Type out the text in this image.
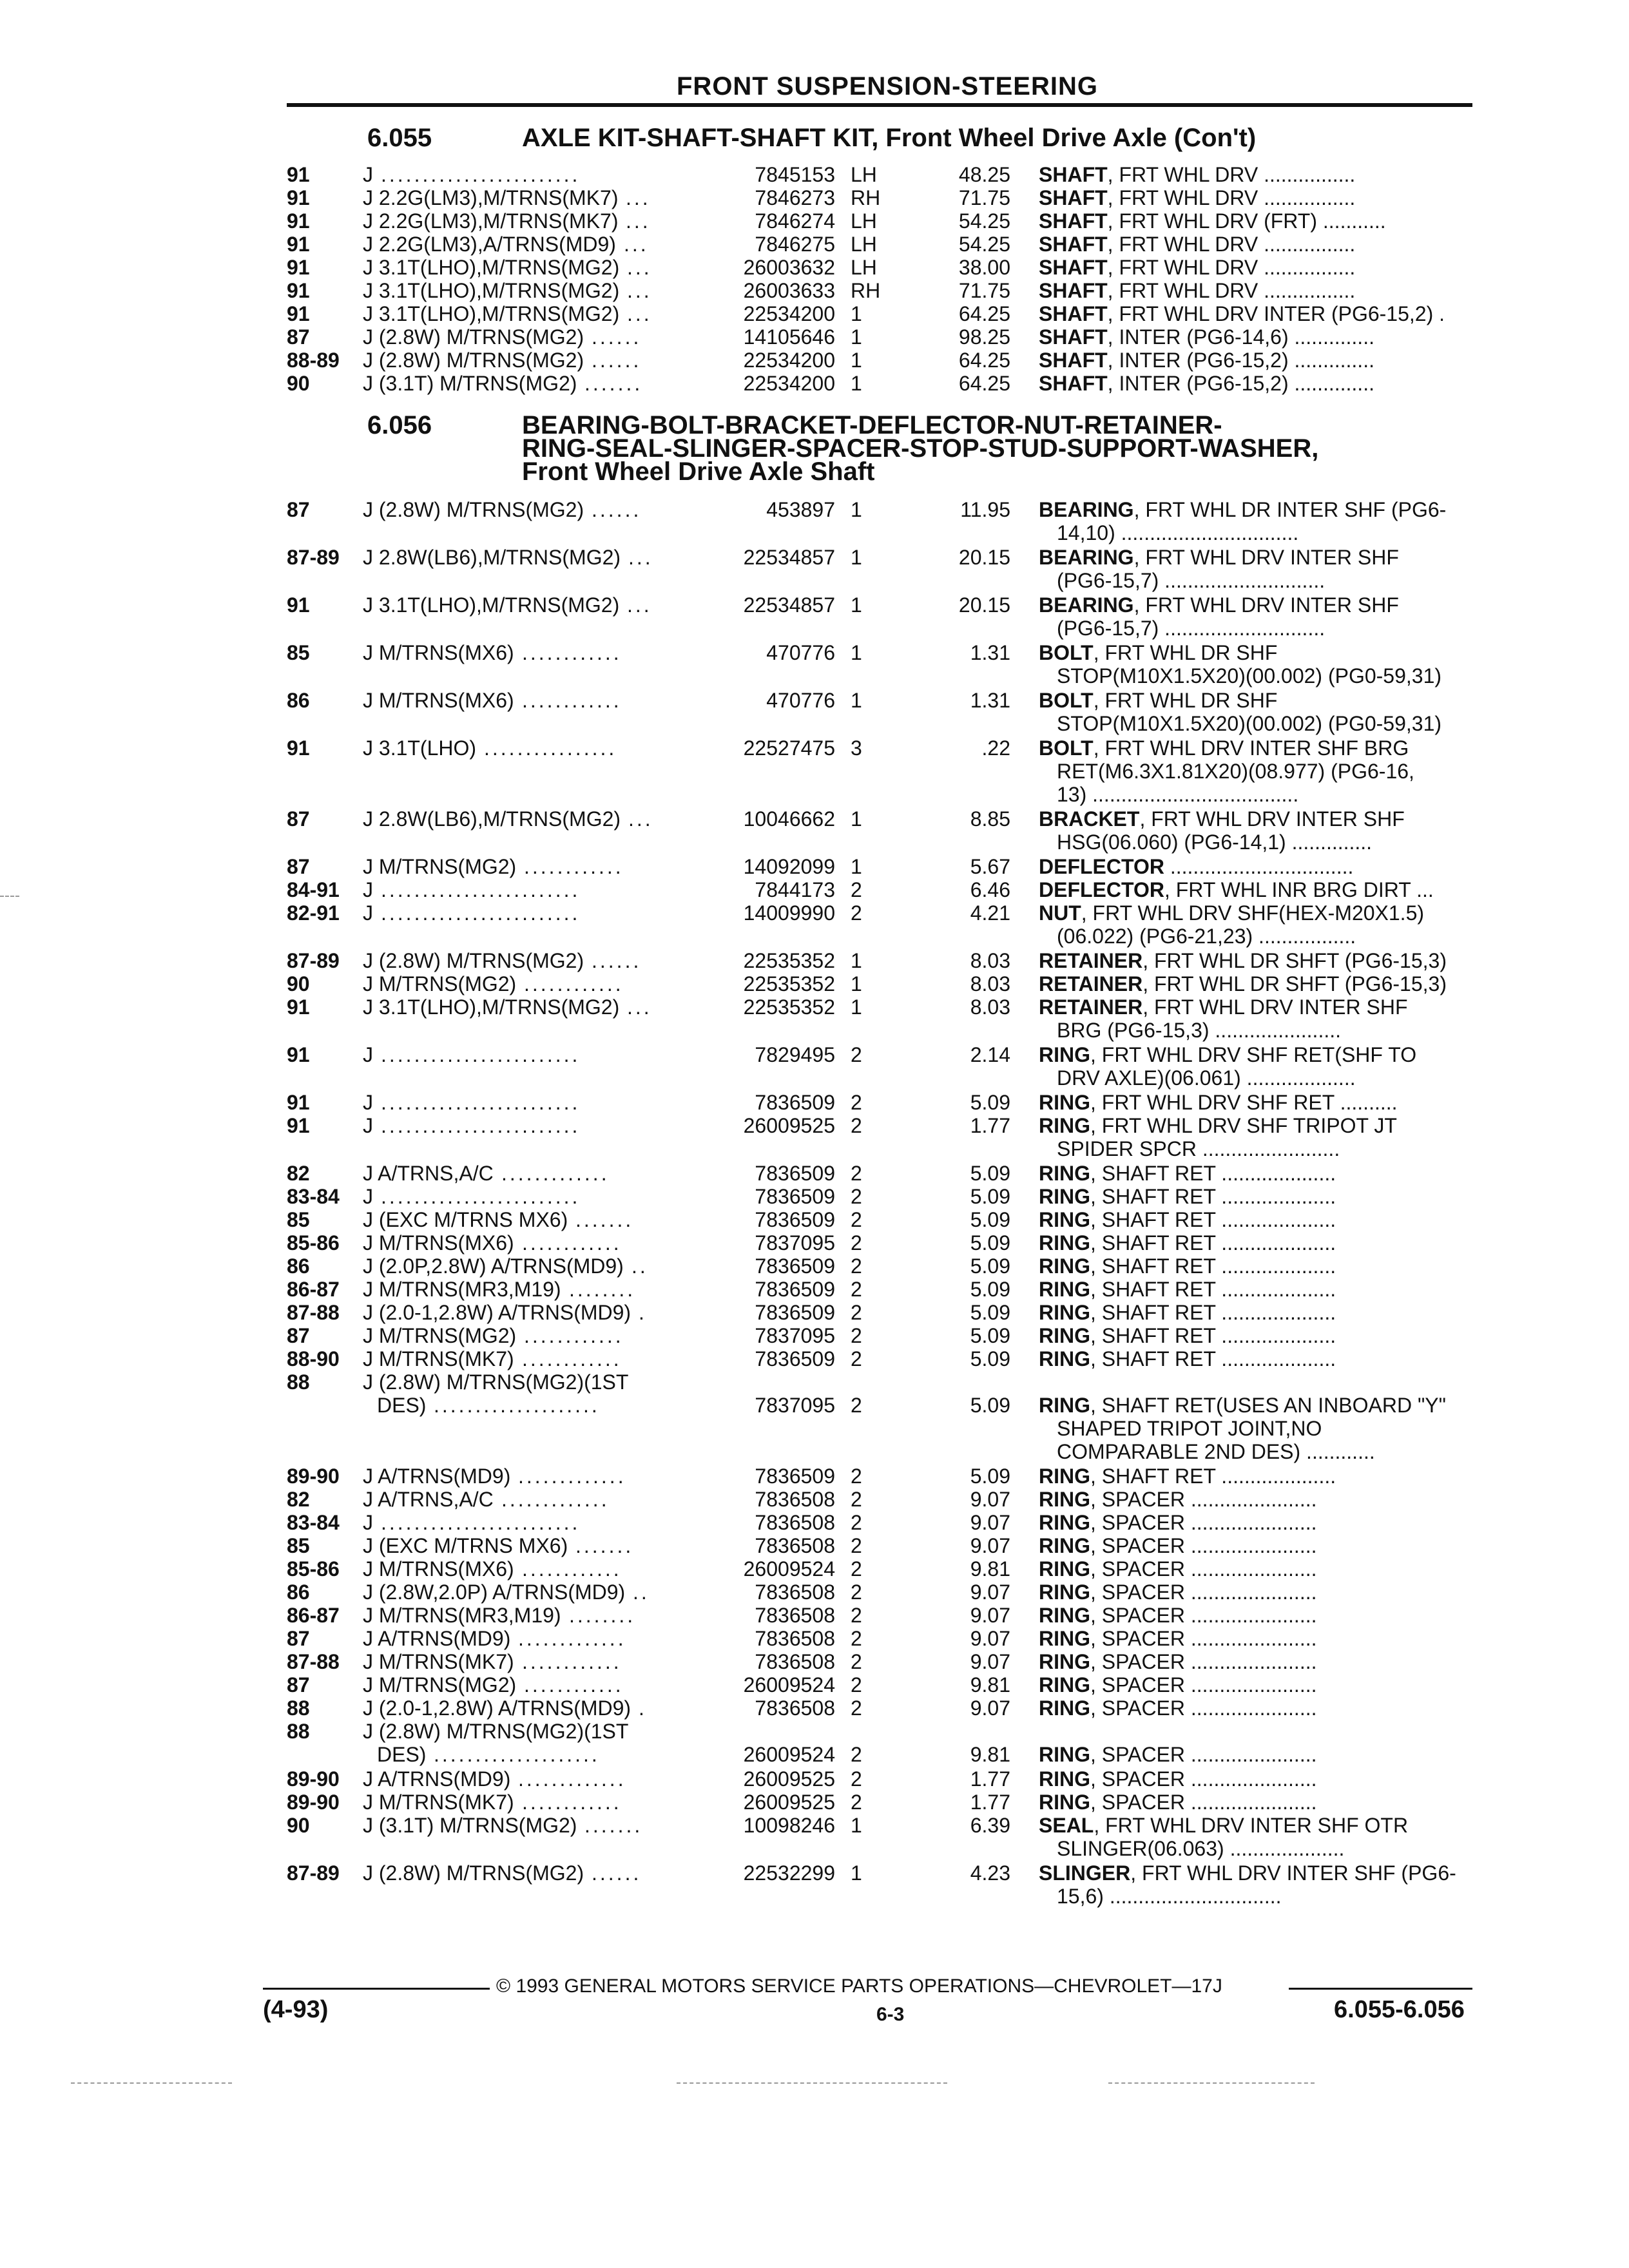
FRONT SUSPENSION-STEERING
6.055	AXLE KIT-SHAFT-SHAFT KIT, Front Wheel Drive Axle (Con't)
6.056	BEARING-BOLT-BRACKET-DEFLECTOR-NUT-RETAINER-
RING-SEAL-SLINGER-SPACER-STOP-STUD-SUPPORT-WASHER,
Front Wheel Drive Axle Shaft
91	J ........................	7845153 LH	48.25 SHAFT, FRT WHL DRV ................
91	J 2.2G(LM3),M/TRNS(MK7) ...	7846273 RH	71.75 SHAFT, FRT WHL DRV ................
91	J 2.2G(LM3),M/TRNS(MK7) ...	7846274 LH	54.25 SHAFT, FRT WHL DRV (FRT) ...........
91	J 2.2G(LM3),A/TRNS(MD9) ...	7846275 LH	54.25 SHAFT, FRT WHL DRV ................
91	J 3.1T(LHO),M/TRNS(MG2) ...	26003632 LH	38.00 SHAFT, FRT WHL DRV ................
91	J 3.1T(LHO),M/TRNS(MG2) ...	26003633 RH	71.75 SHAFT, FRT WHL DRV ................
91	J 3.1T(LHO),M/TRNS(MG2) ...	22534200 1	64.25 SHAFT, FRT WHL DRV INTER (PG6-15,2) .
87	J (2.8W) M/TRNS(MG2) ......	14105646 1	98.25 SHAFT, INTER (PG6-14,6) ..............
88-89 J (2.8W) M/TRNS(MG2) ......	22534200 1	64.25 SHAFT, INTER (PG6-15,2) ..............
90	J (3.1T) M/TRNS(MG2) .......	22534200 1	64.25 SHAFT, INTER (PG6-15,2) ..............
87	J (2.8W) M/TRNS(MG2) ......	453897 1	11.95 BEARING, FRT WHL DR INTER SHF (PG6-
14,10) ...............................
87-89 J 2.8W(LB6),M/TRNS(MG2) ...	22534857 1	20.15 BEARING, FRT WHL DRV INTER SHF
(PG6-15,7) ............................
91	J 3.1T(LHO),M/TRNS(MG2) ...	22534857 1	20.15 BEARING, FRT WHL DRV INTER SHF
(PG6-15,7) ............................
85	J M/TRNS(MX6) ............	470776 1	1.31 BOLT, FRT WHL DR SHF
STOP(M10X1.5X20)(00.002) (PG0-59,31)
86	J M/TRNS(MX6) ............	470776 1	1.31 BOLT, FRT WHL DR SHF
STOP(M10X1.5X20)(00.002) (PG0-59,31)
91	J 3.1T(LHO) ................	22527475 3	.22 BOLT, FRT WHL DRV INTER SHF BRG
RET(M6.3X1.81X20)(08.977) (PG6-16,
13) ....................................
87	J 2.8W(LB6),M/TRNS(MG2) ...	10046662 1	8.85 BRACKET, FRT WHL DRV INTER SHF
HSG(06.060) (PG6-14,1) ..............
87	J M/TRNS(MG2) ............	14092099 1	5.67 DEFLECTOR ................................
84-91 J ........................	7844173 2	6.46 DEFLECTOR, FRT WHL INR BRG DIRT ...
82-91 J ........................	14009990 2	4.21 NUT, FRT WHL DRV SHF(HEX-M20X1.5)
(06.022) (PG6-21,23) .................
87-89 J (2.8W) M/TRNS(MG2) ......	22535352 1	8.03 RETAINER, FRT WHL DR SHFT (PG6-15,3)
90	J M/TRNS(MG2) ............	22535352 1	8.03 RETAINER, FRT WHL DR SHFT (PG6-15,3)
91	J 3.1T(LHO),M/TRNS(MG2) ...	22535352 1	8.03 RETAINER, FRT WHL DRV INTER SHF
BRG (PG6-15,3) ......................
91	J ........................	7829495 2	2.14 RING, FRT WHL DRV SHF RET(SHF TO
DRV AXLE)(06.061) ...................
91	J ........................	7836509 2	5.09 RING, FRT WHL DRV SHF RET ..........
91	J ........................	26009525 2	1.77 RING, FRT WHL DRV SHF TRIPOT JT
SPIDER SPCR ........................
82	J A/TRNS,A/C .............	7836509 2	5.09 RING, SHAFT RET ....................
83-84 J ........................	7836509 2	5.09 RING, SHAFT RET ....................
85	J (EXC M/TRNS MX6) .......	7836509 2	5.09 RING, SHAFT RET ....................
85-86 J M/TRNS(MX6) ............	7837095 2	5.09 RING, SHAFT RET ....................
86	J (2.0P,2.8W) A/TRNS(MD9) ..	7836509 2	5.09 RING, SHAFT RET ....................
86-87 J M/TRNS(MR3,M19) ........	7836509 2	5.09 RING, SHAFT RET ....................
87-88 J (2.0-1,2.8W) A/TRNS(MD9) .	7836509 2	5.09 RING, SHAFT RET ....................
87	J M/TRNS(MG2) ............	7837095 2	5.09 RING, SHAFT RET ....................
88-90 J M/TRNS(MK7) ............	7836509 2	5.09 RING, SHAFT RET ....................
88	J (2.8W) M/TRNS(MG2)(1ST
DES) ....................	7837095 2	5.09 RING, SHAFT RET(USES AN INBOARD "Y"
SHAPED TRIPOT JOINT,NO
COMPARABLE 2ND DES) ............
89-90 J A/TRNS(MD9) .............	7836509 2	5.09 RING, SHAFT RET ....................
82	J A/TRNS,A/C .............	7836508 2	9.07 RING, SPACER ......................
83-84 J ........................	7836508 2	9.07 RING, SPACER ......................
85	J (EXC M/TRNS MX6) .......	7836508 2	9.07 RING, SPACER ......................
85-86 J M/TRNS(MX6) ............	26009524 2	9.81 RING, SPACER ......................
86	J (2.8W,2.0P) A/TRNS(MD9) ..	7836508 2	9.07 RING, SPACER ......................
86-87 J M/TRNS(MR3,M19) ........	7836508 2	9.07 RING, SPACER ......................
87	J A/TRNS(MD9) .............	7836508 2	9.07 RING, SPACER ......................
87-88 J M/TRNS(MK7) ............	7836508 2	9.07 RING, SPACER ......................
87	J M/TRNS(MG2) ............	26009524 2	9.81 RING, SPACER ......................
88	J (2.0-1,2.8W) A/TRNS(MD9) .	7836508 2	9.07 RING, SPACER ......................
88	J (2.8W) M/TRNS(MG2)(1ST
DES) ....................	26009524 2	9.81 RING, SPACER ......................
89-90 J A/TRNS(MD9) .............	26009525 2	1.77 RING, SPACER ......................
89-90 J M/TRNS(MK7) ............	26009525 2	1.77 RING, SPACER ......................
90	J (3.1T) M/TRNS(MG2) .......	10098246 1	6.39 SEAL, FRT WHL DRV INTER SHF OTR
SLINGER(06.063) ....................
87-89 J (2.8W) M/TRNS(MG2) ......	22532299 1	4.23 SLINGER, FRT WHL DRV INTER SHF (PG6-
15,6) ..............................
© 1993 GENERAL MOTORS SERVICE PARTS OPERATIONS—CHEVROLET—17J
(4-93)	6-3	6.055-6.056
